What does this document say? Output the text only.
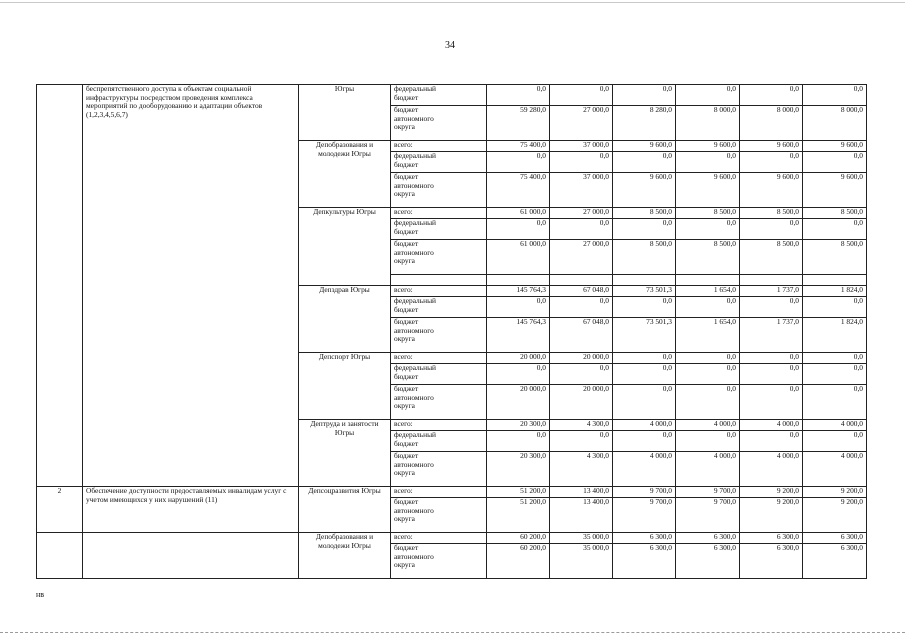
34
	беспрепятственного доступа к объектам социальной инфраструктуры посредством проведения комплекса мероприятий по дооборудованию и адаптации объектов (1,2,3,4,5,6,7)	Югры	федеральный бюджет	0,0	0,0	0,0	0,0	0,0	0,0
			бюджет автономного округа	59 280,0	27 000,0	8 280,0	8 000,0	8 000,0	8 000,0
		Депобразования и молодежи Югры	всего:	75 400,0	37 000,0	9 600,0	9 600,0	9 600,0	9 600,0
			федеральный бюджет	0,0	0,0	0,0	0,0	0,0	0,0
			бюджет автономного округа	75 400,0	37 000,0	9 600,0	9 600,0	9 600,0	9 600,0
		Депкультуры Югры	всего:	61 000,0	27 000,0	8 500,0	8 500,0	8 500,0	8 500,0
			федеральный бюджет	0,0	0,0	0,0	0,0	0,0	0,0
			бюджет автономного округа	61 000,0	27 000,0	8 500,0	8 500,0	8 500,0	8 500,0

		Депздрав Югры	всего:	145 764,3	67 048,0	73 501,3	1 654,0	1 737,0	1 824,0
			федеральный бюджет	0,0	0,0	0,0	0,0	0,0	0,0
			бюджет автономного округа	145 764,3	67 048,0	73 501,3	1 654,0	1 737,0	1 824,0
		Депспорт Югры	всего:	20 000,0	20 000,0	0,0	0,0	0,0	0,0
			федеральный бюджет	0,0	0,0	0,0	0,0	0,0	0,0
			бюджет автономного округа	20 000,0	20 000,0	0,0	0,0	0,0	0,0
		Дептруда и занятости Югры	всего:	20 300,0	4 300,0	4 000,0	4 000,0	4 000,0	4 000,0
			федеральный бюджет	0,0	0,0	0,0	0,0	0,0	0,0
			бюджет автономного округа	20 300,0	4 300,0	4 000,0	4 000,0	4 000,0	4 000,0
2	Обеспечение доступности предоставляемых инвалидам услуг с учетом имеющихся у них нарушений (11)	Депсоцразвития Югры	всего:	51 200,0	13 400,0	9 700,0	9 700,0	9 200,0	9 200,0
			бюджет автономного округа	51 200,0	13 400,0	9 700,0	9 700,0	9 200,0	9 200,0
		Депобразования и молодежи Югры	всего:	60 200,0	35 000,0	6 300,0	6 300,0	6 300,0	6 300,0
			бюджет автономного округа	60 200,0	35 000,0	6 300,0	6 300,0	6 300,0	6 300,0
нв
